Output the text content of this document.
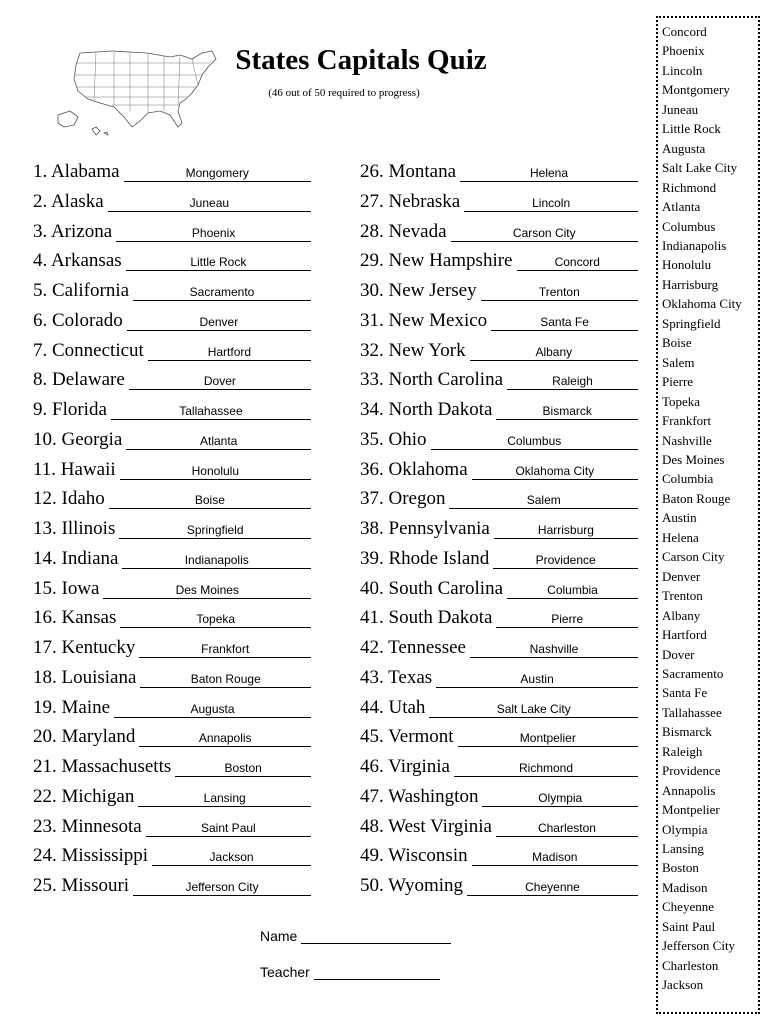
States Capitals Quiz
(46 out of 50 required to progress)
1. Alabama	Mongomery
2. Alaska	Juneau
3. Arizona	Phoenix
4. Arkansas	Little Rock
5. California	Sacramento
6. Colorado	Denver
7. Connecticut	Hartford
8. Delaware	Dover
9. Florida	Tallahassee
10. Georgia	Atlanta
11. Hawaii	Honolulu
12. Idaho	Boise
13. Illinois	Springfield
14. Indiana	Indianapolis
15. Iowa	Des Moines
16. Kansas	Topeka
17. Kentucky	Frankfort
18. Louisiana	Baton Rouge
19. Maine	Augusta
20. Maryland	Annapolis
21. Massachusetts	Boston
22. Michigan	Lansing
23. Minnesota	Saint Paul
24. Mississippi	Jackson
25. Missouri	Jefferson City
26. Montana	Helena
27. Nebraska	Lincoln
28. Nevada	Carson City
29. New Hampshire	Concord
30. New Jersey	Trenton
31. New Mexico	Santa Fe
32. New York	Albany
33. North Carolina	Raleigh
34. North Dakota	Bismarck
35. Ohio	Columbus
36. Oklahoma	Oklahoma City
37. Oregon	Salem
38. Pennsylvania	Harrisburg
39. Rhode Island	Providence
40. South Carolina	Columbia
41. South Dakota	Pierre
42. Tennessee	Nashville
43. Texas	Austin
44. Utah	Salt Lake City
45. Vermont	Montpelier
46. Virginia	Richmond
47. Washington	Olympia
48. West Virginia	Charleston
49. Wisconsin	Madison
50. Wyoming	Cheyenne
Name
Teacher
Concord
Phoenix
Lincoln
Montgomery
Juneau
Little Rock
Augusta
Salt Lake City
Richmond
Atlanta
Columbus
Indianapolis
Honolulu
Harrisburg
Oklahoma City
Springfield
Boise
Salem
Pierre
Topeka
Frankfort
Nashville
Des Moines
Columbia
Baton Rouge
Austin
Helena
Carson City
Denver
Trenton
Albany
Hartford
Dover
Sacramento
Santa Fe
Tallahassee
Bismarck
Raleigh
Providence
Annapolis
Montpelier
Olympia
Lansing
Boston
Madison
Cheyenne
Saint Paul
Jefferson City
Charleston
Jackson
